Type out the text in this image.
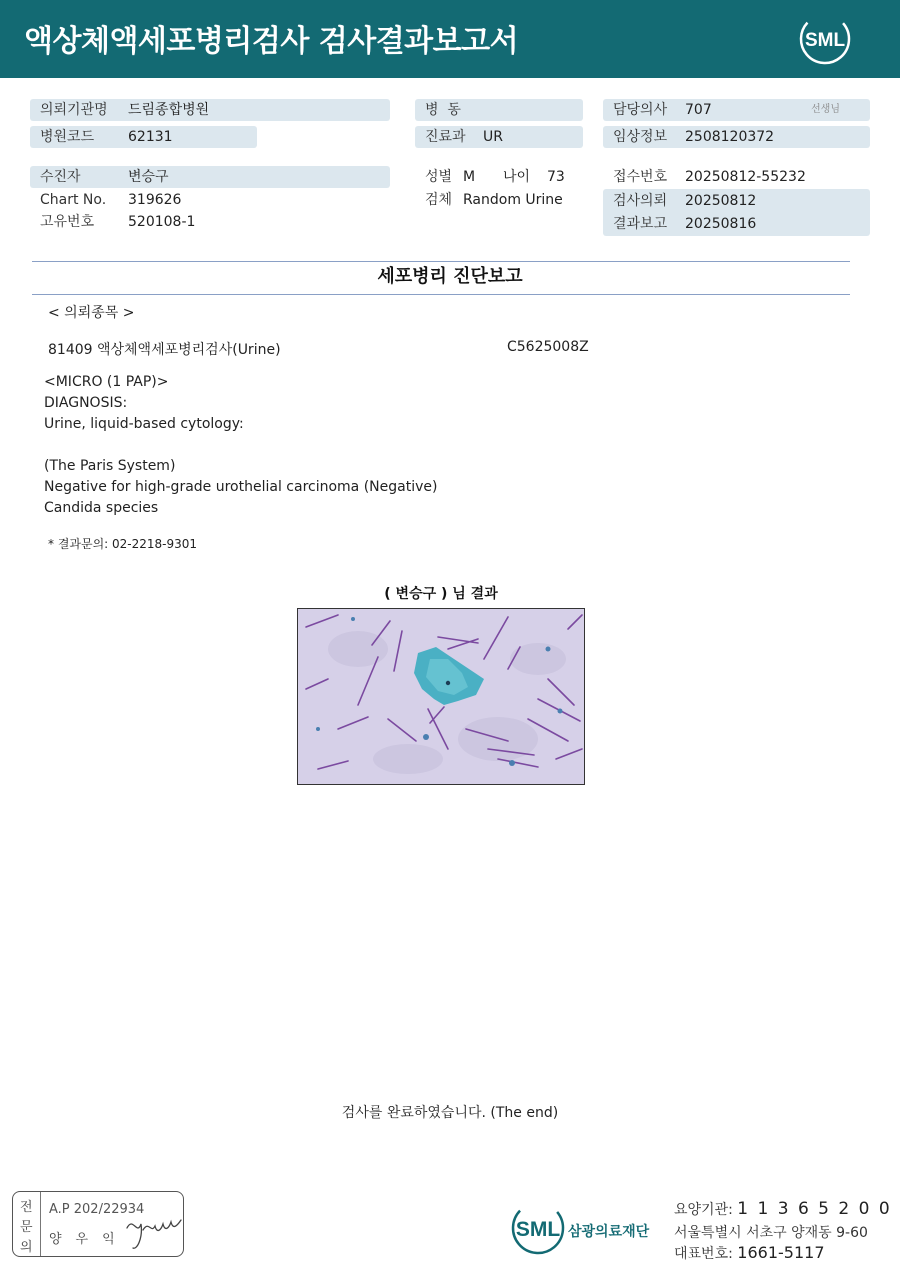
액상체액세포병리검사 검사결과보고서	SML
의뢰기관명 드림종합병원
병원코드 62131
병  동
진료과 UR
담당의사 707	선생님
임상정보 2508120372
수진자	변승구
Chart No. 319626
고유번호 520108-1
성별 M 나이 73
검체 Random Urine
접수번호 20250812-55232
검사의뢰 20250812
결과보고 20250816
세포병리 진단보고
< 의뢰종목 >
81409 액상체액세포병리검사(Urine)	C5625008Z
<MICRO (1 PAP)>
DIAGNOSIS:
Urine, liquid-based cytology:
(The Paris System)
Negative for high-grade urothelial carcinoma (Negative)
Candida species
* 결과문의: 02-2218-9301
( 변승구 ) 님 결과
검사를 완료하였습니다. (The end)
전
문
의
A.P 202/22934
양우익	SML 삼광의료재단
요양기관: 1 1 3 6 5 2 0 0
서울특별시 서초구 양재동 9-60
대표번호: 1661-5117
